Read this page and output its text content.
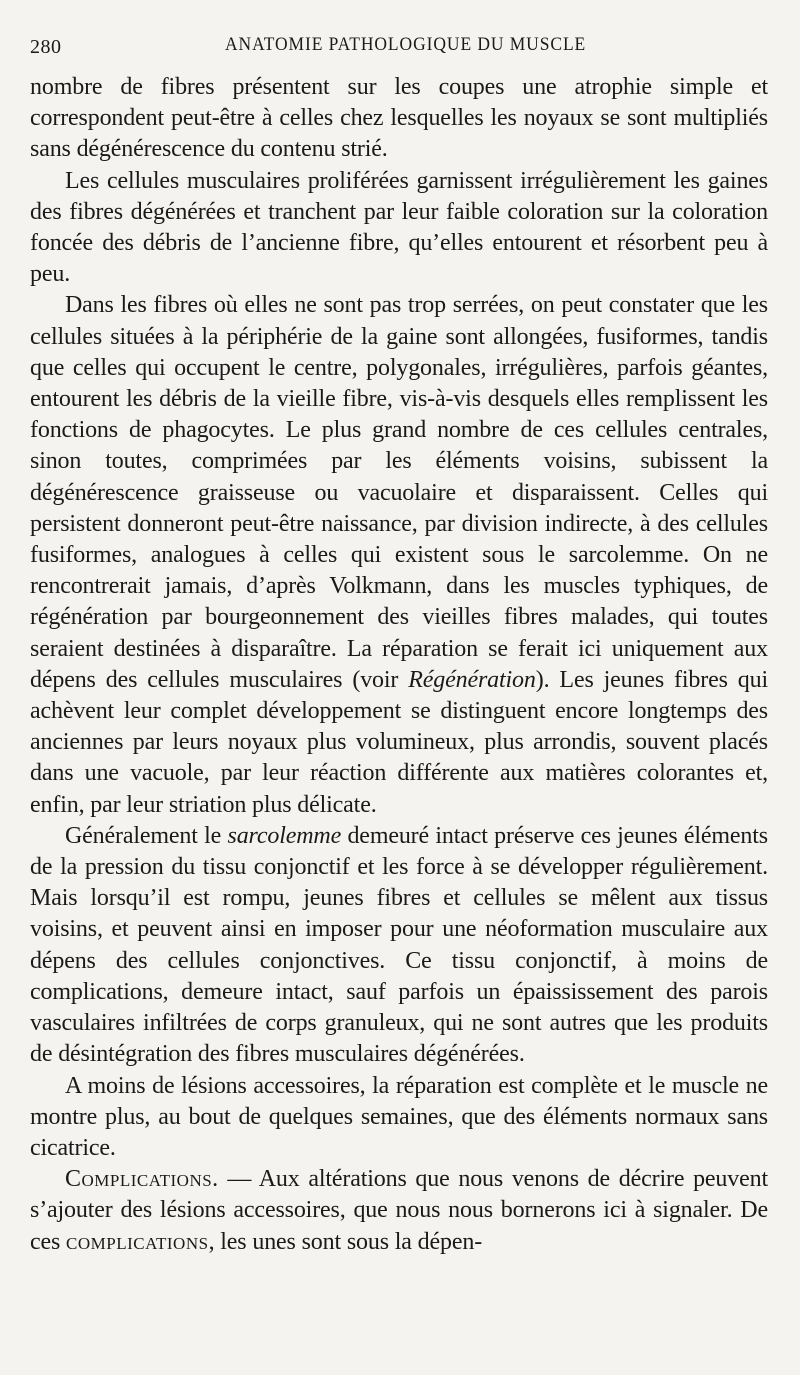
280	ANATOMIE PATHOLOGIQUE DU MUSCLE

nombre de fibres présentent sur les coupes une atrophie simple et correspondent peut-être à celles chez lesquelles les noyaux se sont multipliés sans dégénérescence du contenu strié.

Les cellules musculaires proliférées garnissent irrégulièrement les gaines des fibres dégénérées et tranchent par leur faible coloration sur la coloration foncée des débris de l’ancienne fibre, qu’elles entourent et résorbent peu à peu.

Dans les fibres où elles ne sont pas trop serrées, on peut constater que les cellules situées à la périphérie de la gaine sont allongées, fusiformes, tandis que celles qui occupent le centre, polygonales, irrégulières, parfois géantes, entourent les débris de la vieille fibre, vis-à-vis desquels elles remplissent les fonctions de phagocytes. Le plus grand nombre de ces cellules centrales, sinon toutes, comprimées par les éléments voisins, subissent la dégénérescence graisseuse ou vacuolaire et disparaissent. Celles qui persistent donneront peut-être naissance, par division indirecte, à des cellules fusiformes, analogues à celles qui existent sous le sarcolemme. On ne rencontrerait jamais, d’après Volkmann, dans les muscles typhiques, de régénération par bourgeonnement des vieilles fibres malades, qui toutes seraient destinées à disparaître. La réparation se ferait ici uniquement aux dépens des cellules musculaires (voir Régénération). Les jeunes fibres qui achèvent leur complet développement se distinguent encore longtemps des anciennes par leurs noyaux plus volumineux, plus arrondis, souvent placés dans une vacuole, par leur réaction différente aux matières colorantes et, enfin, par leur striation plus délicate.

Généralement le sarcolemme demeuré intact préserve ces jeunes éléments de la pression du tissu conjonctif et les force à se développer régulièrement. Mais lorsqu’il est rompu, jeunes fibres et cellules se mêlent aux tissus voisins, et peuvent ainsi en imposer pour une néoformation musculaire aux dépens des cellules conjonctives. Ce tissu conjonctif, à moins de complications, demeure intact, sauf parfois un épaississement des parois vasculaires infiltrées de corps granuleux, qui ne sont autres que les produits de désintégration des fibres musculaires dégénérées.

A moins de lésions accessoires, la réparation est complète et le muscle ne montre plus, au bout de quelques semaines, que des éléments normaux sans cicatrice.

Complications. — Aux altérations que nous venons de décrire peuvent s’ajouter des lésions accessoires, que nous nous bornerons ici à signaler. De ces complications, les unes sont sous la dépen-
